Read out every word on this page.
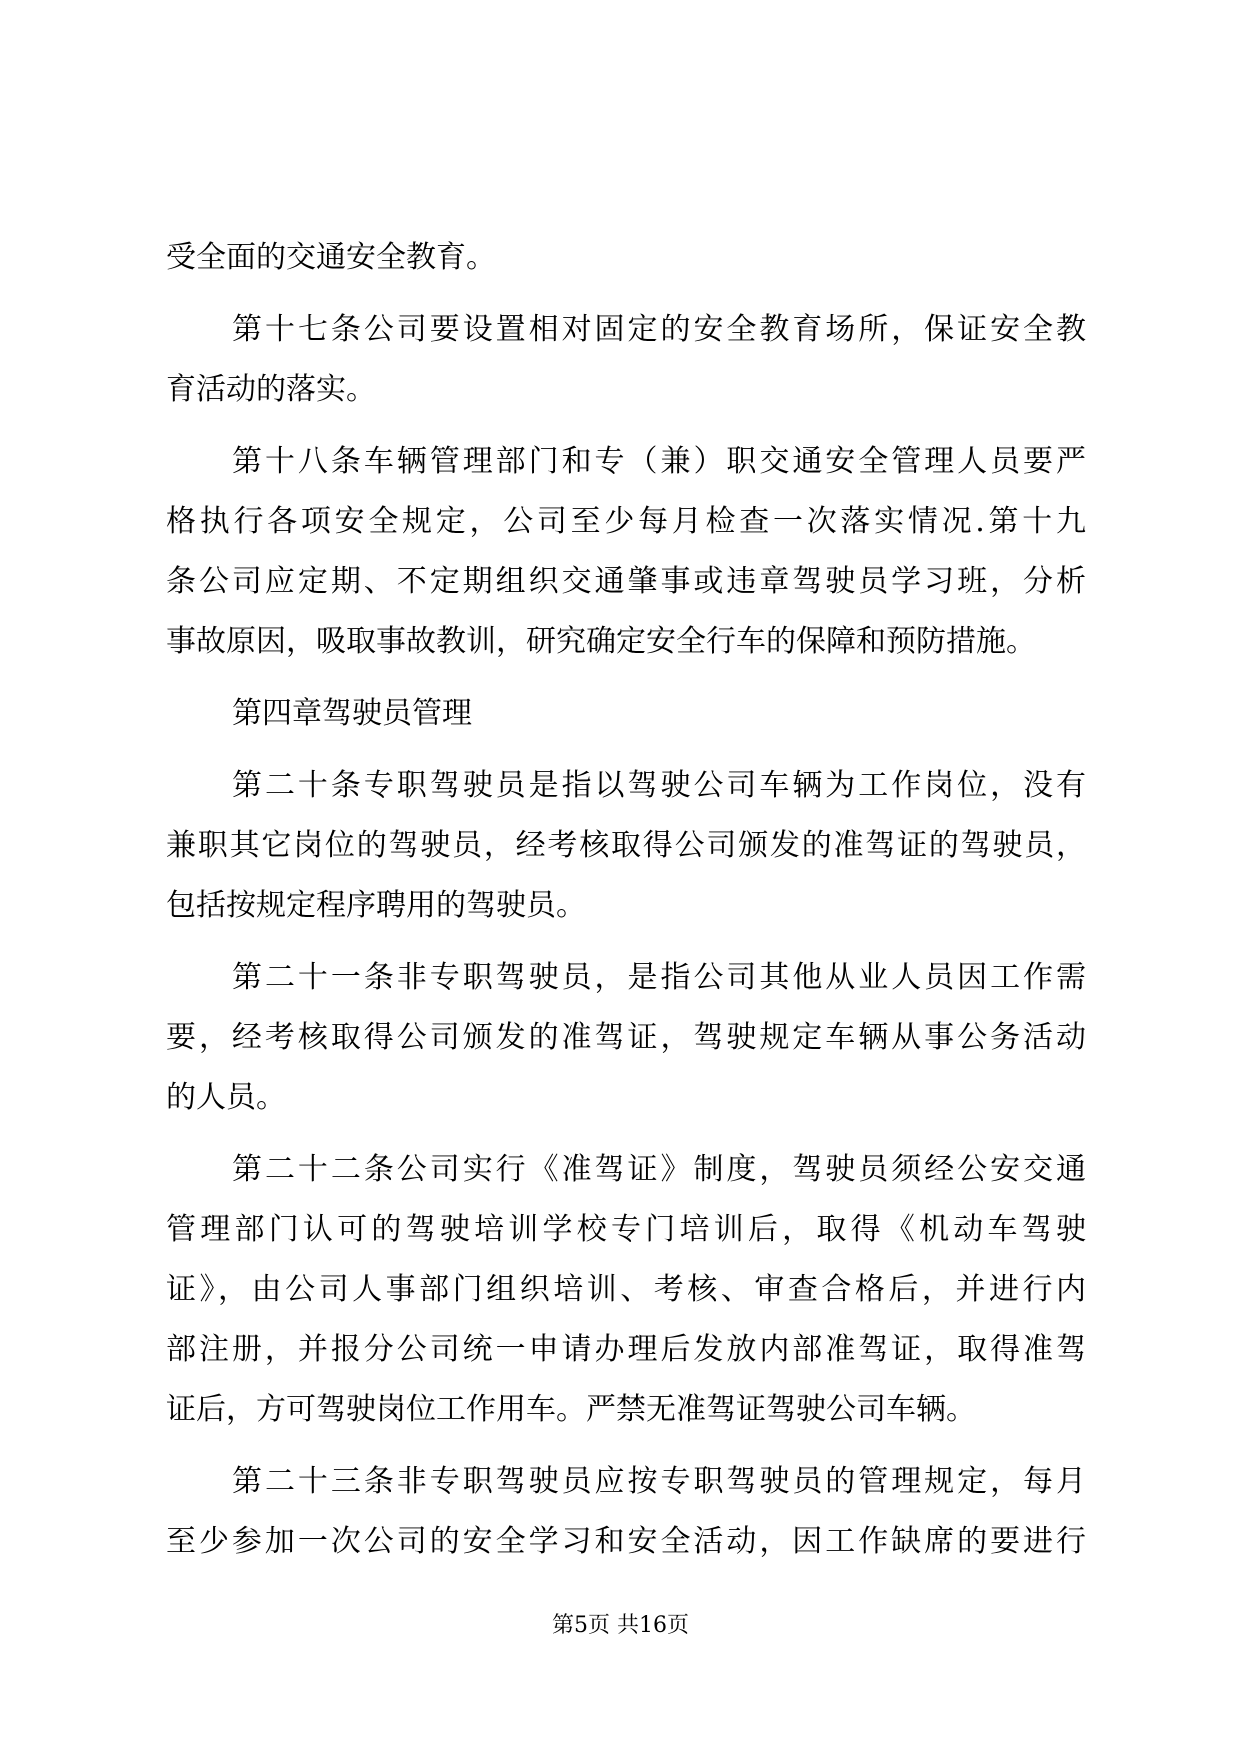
受全面的交通安全教育。
第十七条公司要设置相对固定的安全教育场所，保证安全教
育活动的落实。
第十八条车辆管理部门和专（兼）职交通安全管理人员要严
格执行各项安全规定，公司至少每月检查一次落实情况.第十九
条公司应定期、不定期组织交通肇事或违章驾驶员学习班，分析
事故原因，吸取事故教训，研究确定安全行车的保障和预防措施。
第四章驾驶员管理
第二十条专职驾驶员是指以驾驶公司车辆为工作岗位，没有
兼职其它岗位的驾驶员，经考核取得公司颁发的准驾证的驾驶员，
包括按规定程序聘用的驾驶员。
第二十一条非专职驾驶员，是指公司其他从业人员因工作需
要，经考核取得公司颁发的准驾证，驾驶规定车辆从事公务活动
的人员。
第二十二条公司实行《准驾证》制度，驾驶员须经公安交通
管理部门认可的驾驶培训学校专门培训后，取得《机动车驾驶
证》，由公司人事部门组织培训、考核、审查合格后，并进行内
部注册，并报分公司统一申请办理后发放内部准驾证，取得准驾
证后，方可驾驶岗位工作用车。严禁无准驾证驾驶公司车辆。
第二十三条非专职驾驶员应按专职驾驶员的管理规定，每月
至少参加一次公司的安全学习和安全活动，因工作缺席的要进行
第5页 共16页
